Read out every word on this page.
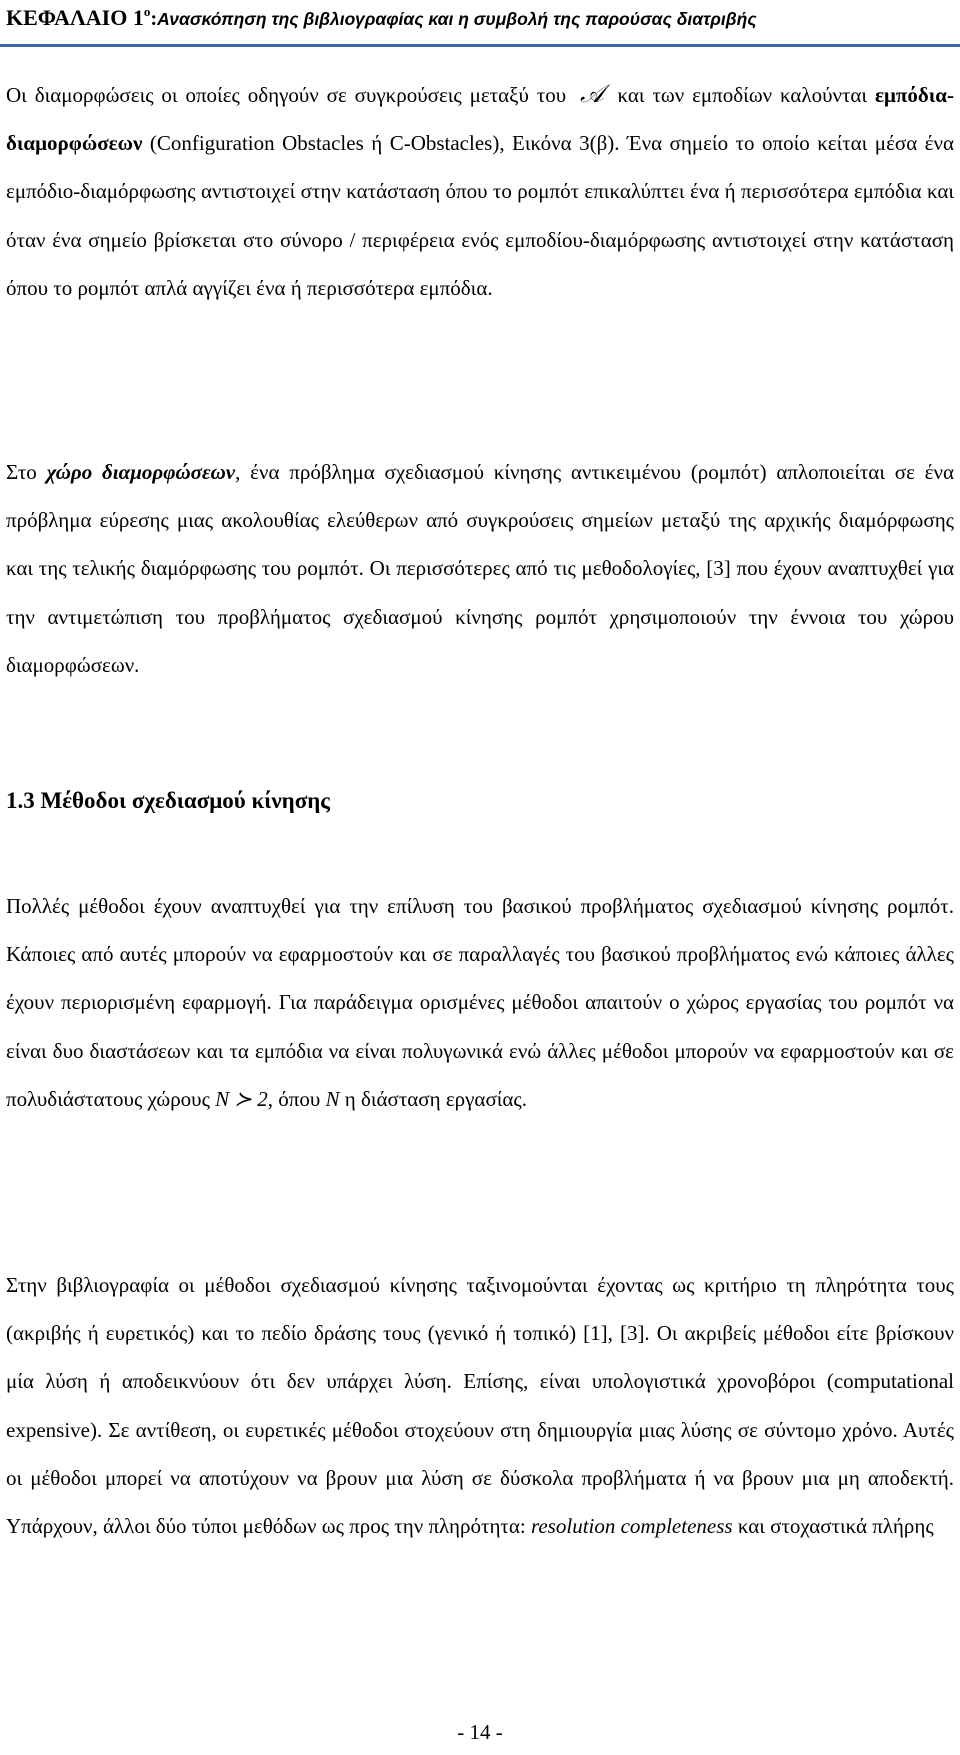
ΚΕΦΑΛΑΙΟ $1^o:A\nu\alpha\sigma\kappa ό\pi\eta\sigma\eta$ της βιβλιογραφίας και η συμβολή της παρούσας διατριβής
Οι διαμορφώσεις οι οποίες οδηγούν σε συγκρούσεις μεταξύ του 𝒜 και των εμποδίων καλούνται εμπόδια-διαμορφώσεων (Configuration Obstacles ή C-Obstacles), Εικόνα 3(β). Ένα σημείο το οποίο κείται μέσα ένα εμπόδιο-διαμόρφωσης αντιστοιχεί στην κατάσταση όπου το ρομπότ επικαλύπτει ένα ή περισσότερα εμπόδια και όταν ένα σημείο βρίσκεται στο σύνορο / περιφέρεια ενός εμποδίου-διαμόρφωσης αντιστοιχεί στην κατάσταση όπου το ρομπότ απλά αγγίζει ένα ή περισσότερα εμπόδια.
Στο χώρο διαμορφώσεων, ένα πρόβλημα σχεδιασμού κίνησης αντικειμένου (ρομπότ) απλοποιείται σε ένα πρόβλημα εύρεσης μιας ακολουθίας ελεύθερων από συγκρούσεις σημείων μεταξύ της αρχικής διαμόρφωσης και της τελικής διαμόρφωσης του ρομπότ. Οι περισσότερες από τις μεθοδολογίες, [3] που έχουν αναπτυχθεί για την αντιμετώπιση του προβλήματος σχεδιασμού κίνησης ρομπότ χρησιμοποιούν την έννοια του χώρου διαμορφώσεων.
1.3 Μέθοδοι σχεδιασμού κίνησης
Πολλές μέθοδοι έχουν αναπτυχθεί για την επίλυση του βασικού προβλήματος σχεδιασμού κίνησης ρομπότ. Κάποιες από αυτές μπορούν να εφαρμοστούν και σε παραλλαγές του βασικού προβλήματος ενώ κάποιες άλλες έχουν περιορισμένη εφαρμογή. Για παράδειγμα ορισμένες μέθοδοι απαιτούν ο χώρος εργασίας του ρομπότ να είναι δυο διαστάσεων και τα εμπόδια να είναι πολυγωνικά ενώ άλλες μέθοδοι μπορούν να εφαρμοστούν και σε πολυδιάστατους χώρους N ≻ 2, όπου N η διάσταση εργασίας.
Στην βιβλιογραφία οι μέθοδοι σχεδιασμού κίνησης ταξινομούνται έχοντας ως κριτήριο τη πληρότητα τους (ακριβής ή ευρετικός) και το πεδίο δράσης τους (γενικό ή τοπικό) [1], [3]. Οι ακριβείς μέθοδοι είτε βρίσκουν μία λύση ή αποδεικνύουν ότι δεν υπάρχει λύση. Επίσης, είναι υπολογιστικά χρονοβόροι (computational expensive). Σε αντίθεση, οι ευρετικές μέθοδοι στοχεύουν στη δημιουργία μιας λύσης σε σύντομο χρόνο. Αυτές οι μέθοδοι μπορεί να αποτύχουν να βρουν μια λύση σε δύσκολα προβλήματα ή να βρουν μια μη αποδεκτή. Υπάρχουν, άλλοι δύο τύποι μεθόδων ως προς την πληρότητα: resolution completeness και στοχαστικά πλήρης
- 14 -
